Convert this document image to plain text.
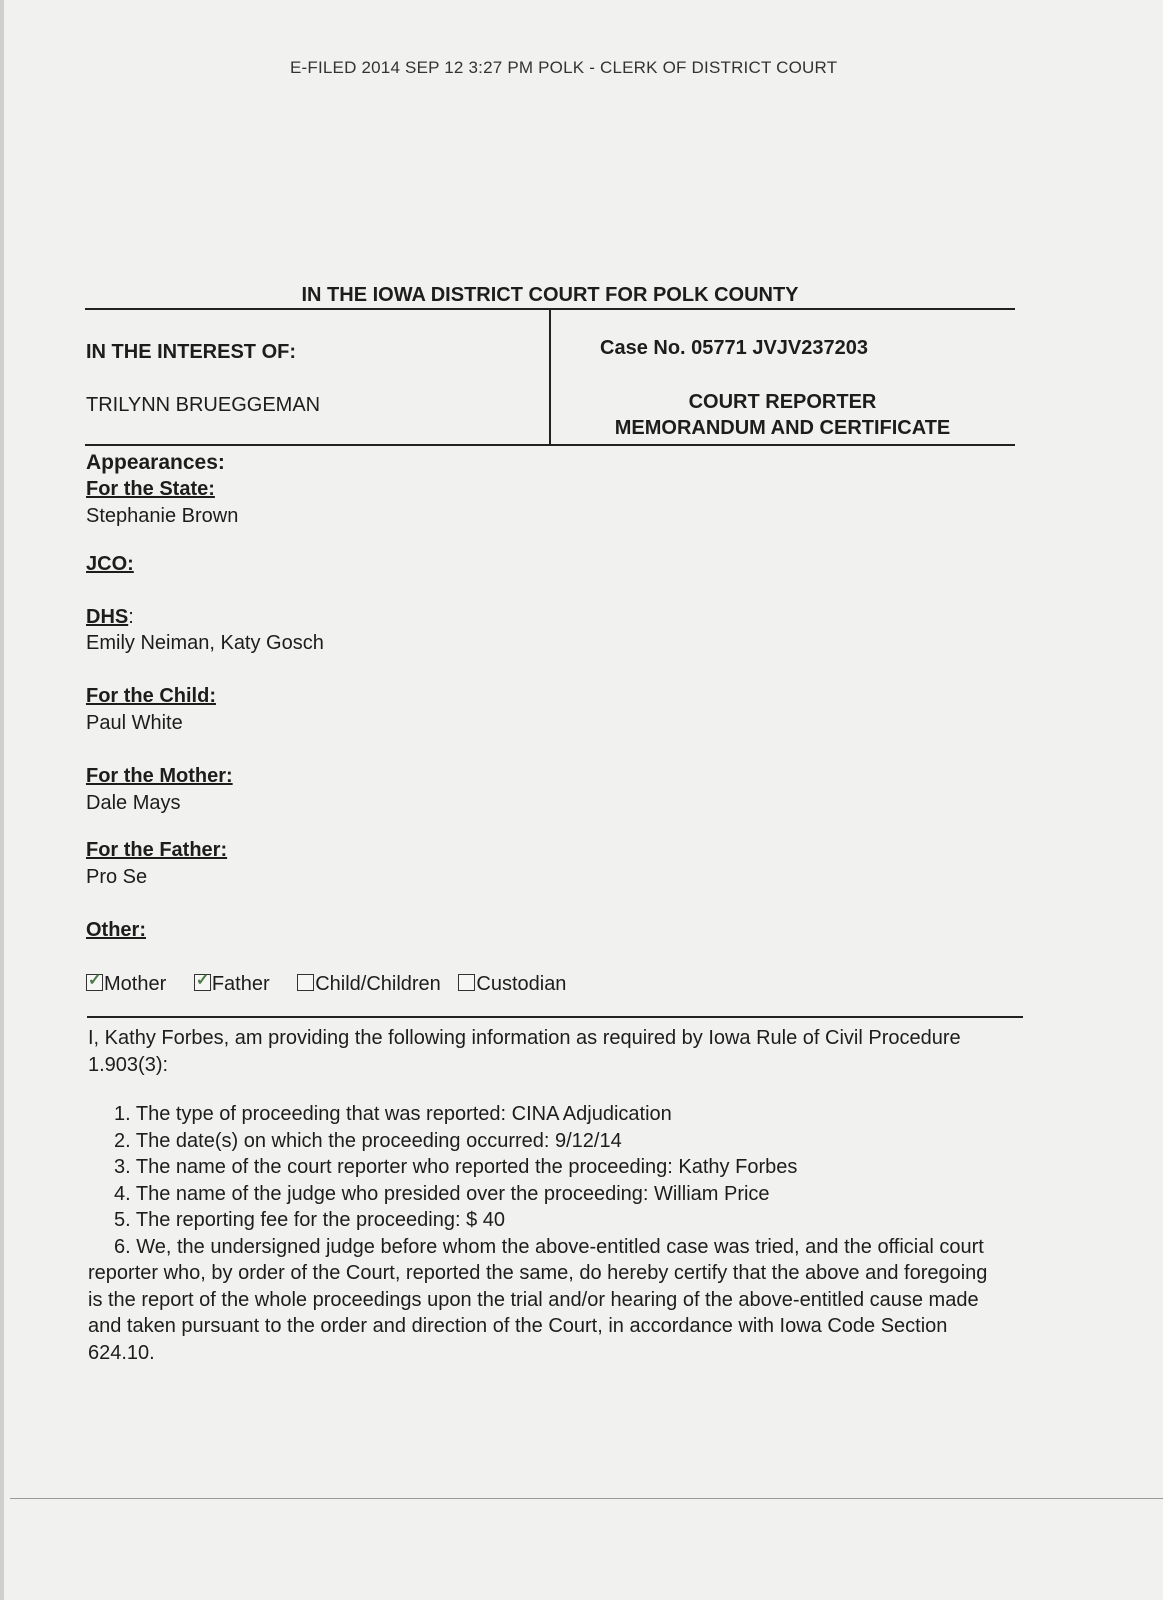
E-FILED 2014 SEP 12 3:27 PM POLK - CLERK OF DISTRICT COURT
IN THE IOWA DISTRICT COURT FOR POLK COUNTY
IN THE INTEREST OF:
TRILYNN BRUEGGEMAN
Case No. 05771 JVJV237203
COURT REPORTER
MEMORANDUM AND CERTIFICATE
Appearances:
For the State:
Stephanie Brown
JCO:
DHS:
Emily Neiman, Katy Gosch
For the Child:
Paul White
For the Mother:
Dale Mays
For the Father:
Pro Se
Other:
✓ Mother ✓ Father Child/Children Custodian
I, Kathy Forbes, am providing the following information as required by Iowa Rule of Civil Procedure 1.903(3):
1. The type of proceeding that was reported: CINA Adjudication
2. The date(s) on which the proceeding occurred: 9/12/14
3. The name of the court reporter who reported the proceeding: Kathy Forbes
4. The name of the judge who presided over the proceeding: William Price
5. The reporting fee for the proceeding: $ 40
6. We, the undersigned judge before whom the above-entitled case was tried, and the official court reporter who, by order of the Court, reported the same, do hereby certify that the above and foregoing is the report of the whole proceedings upon the trial and/or hearing of the above-entitled cause made and taken pursuant to the order and direction of the Court, in accordance with Iowa Code Section 624.10.
